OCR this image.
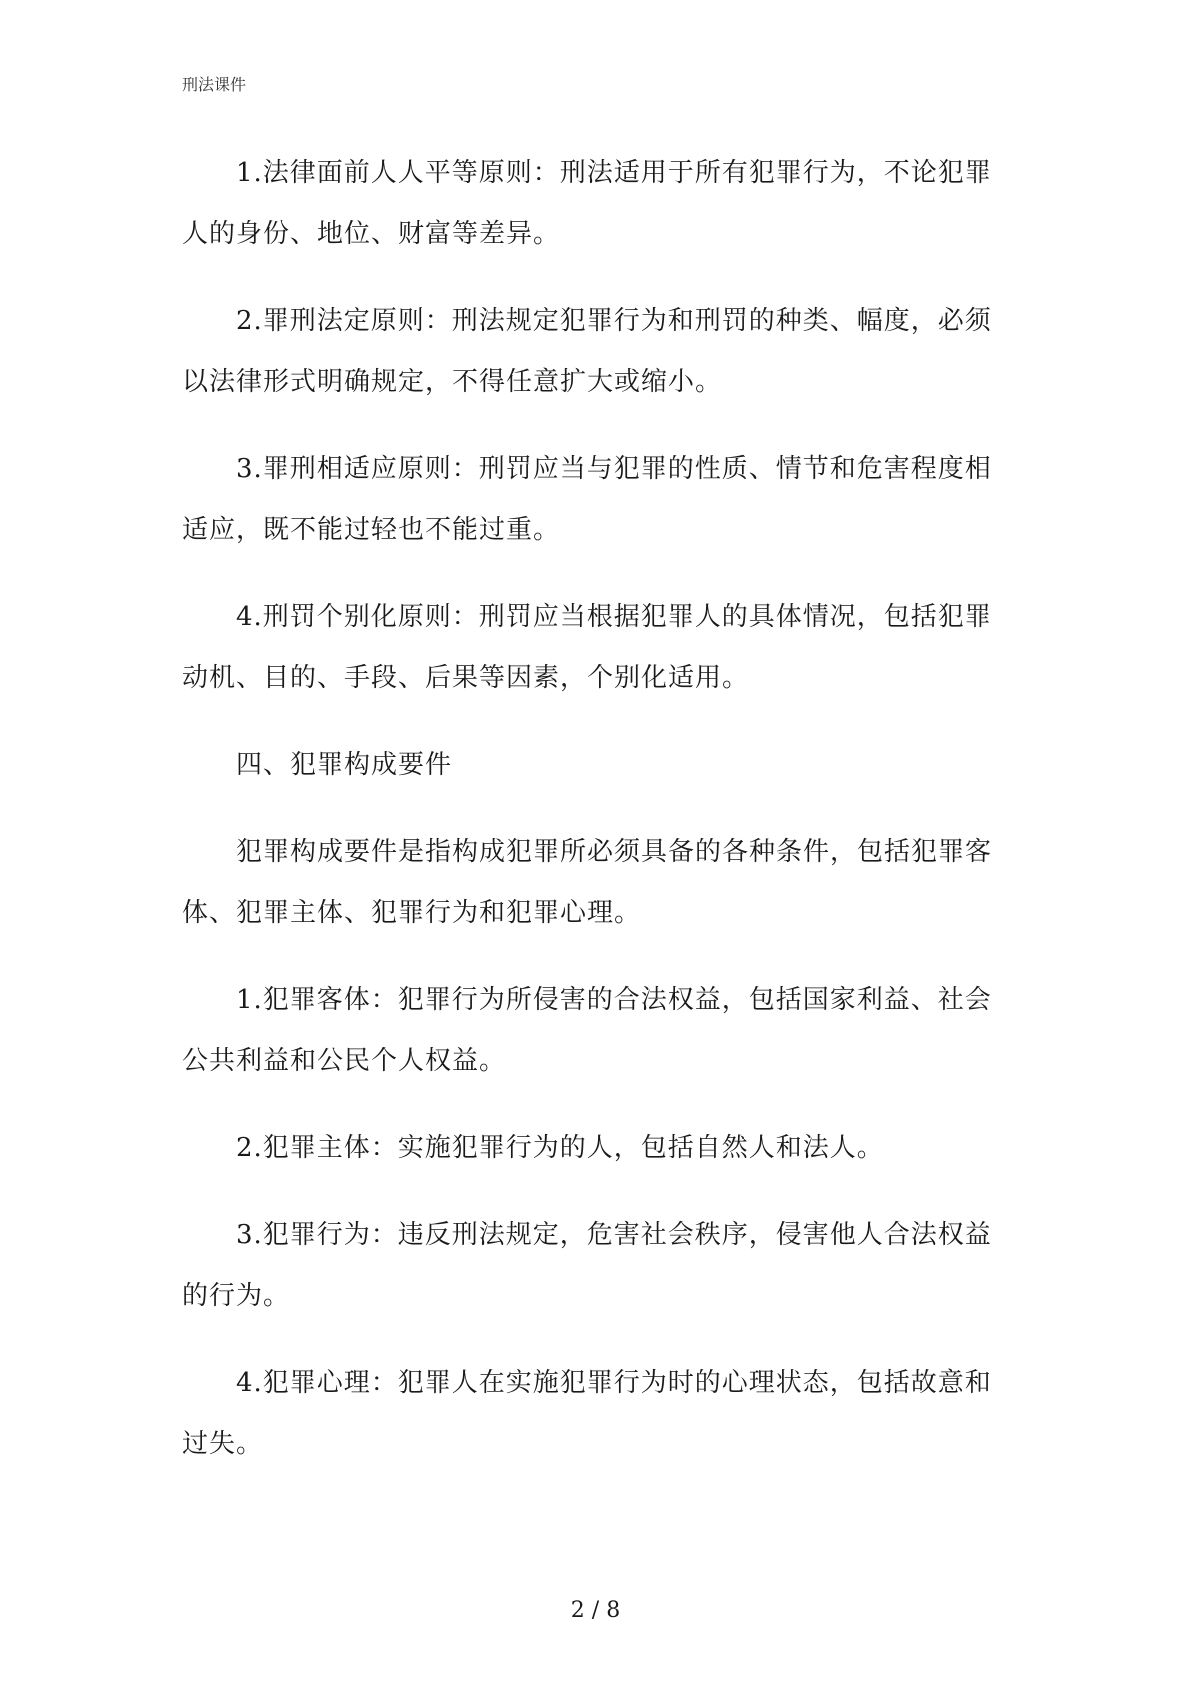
刑法课件

1.法律面前人人平等原则：刑法适用于所有犯罪行为，不论犯罪人的身份、地位、财富等差异。

2.罪刑法定原则：刑法规定犯罪行为和刑罚的种类、幅度，必须以法律形式明确规定，不得任意扩大或缩小。

3.罪刑相适应原则：刑罚应当与犯罪的性质、情节和危害程度相适应，既不能过轻也不能过重。

4.刑罚个别化原则：刑罚应当根据犯罪人的具体情况，包括犯罪动机、目的、手段、后果等因素，个别化适用。

四、犯罪构成要件

犯罪构成要件是指构成犯罪所必须具备的各种条件，包括犯罪客体、犯罪主体、犯罪行为和犯罪心理。

1.犯罪客体：犯罪行为所侵害的合法权益，包括国家利益、社会公共利益和公民个人权益。

2.犯罪主体：实施犯罪行为的人，包括自然人和法人。

3.犯罪行为：违反刑法规定，危害社会秩序，侵害他人合法权益的行为。

4.犯罪心理：犯罪人在实施犯罪行为时的心理状态，包括故意和过失。

2 / 8
